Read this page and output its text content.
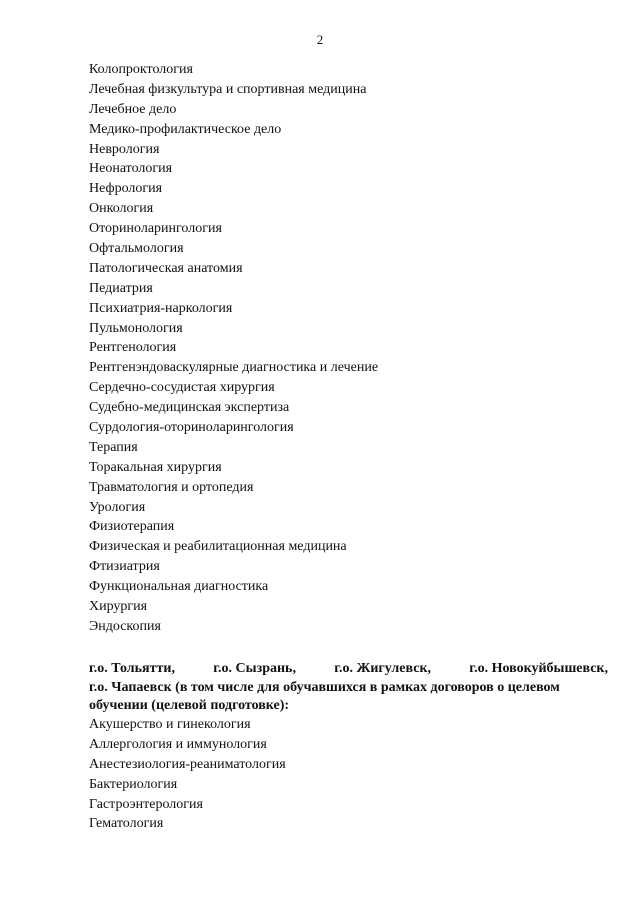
2
Колопроктология
Лечебная физкультура и спортивная медицина
Лечебное дело
Медико-профилактическое дело
Неврология
Неонатология
Нефрология
Онкология
Оториноларингология
Офтальмология
Патологическая анатомия
Педиатрия
Психиатрия-наркология
Пульмонология
Рентгенология
Рентгенэндоваскулярные диагностика и лечение
Сердечно-сосудистая хирургия
Судебно-медицинская экспертиза
Сурдология-оториноларингология
Терапия
Торакальная хирургия
Травматология и ортопедия
Урология
Физиотерапия
Физическая и реабилитационная медицина
Фтизиатрия
Функциональная диагностика
Хирургия
Эндоскопия
г.о. Тольятти,	г.о. Сызрань,	г.о. Жигулевск,	г.о. Новокуйбышевск,
г.о. Чапаевск (в том числе для обучавшихся в рамках договоров о целевом
обучении (целевой подготовке):
Акушерство и гинекология
Аллергология и иммунология
Анестезиология-реаниматология
Бактериология
Гастроэнтерология
Гематология
